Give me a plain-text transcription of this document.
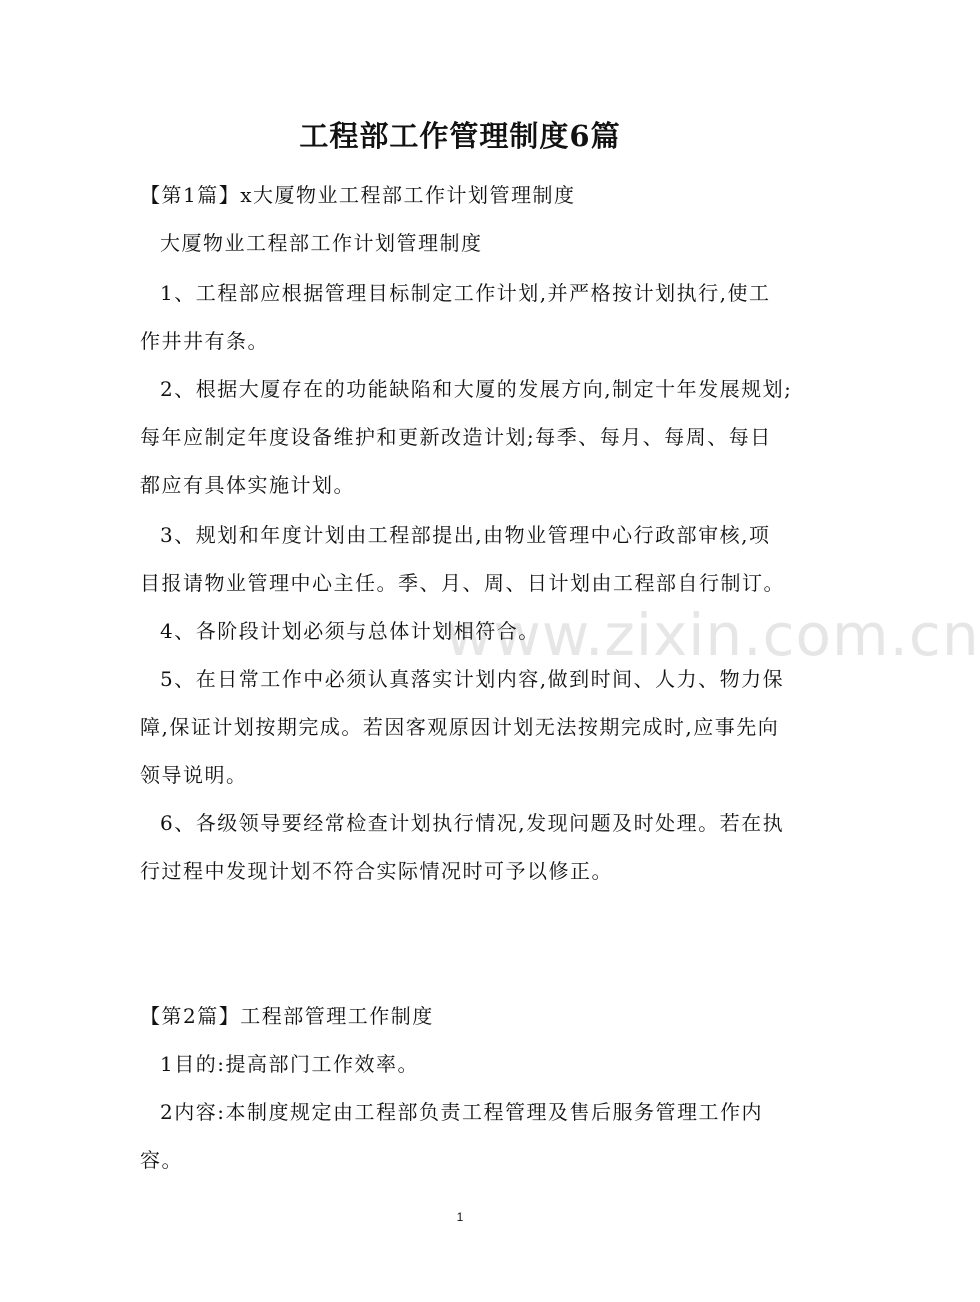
www.zixin.com.cn
工程部工作管理制度6篇
【第1篇】x大厦物业工程部工作计划管理制度
大厦物业工程部工作计划管理制度
1、工程部应根据管理目标制定工作计划,并严格按计划执行,使工
作井井有条。
2、根据大厦存在的功能缺陷和大厦的发展方向,制定十年发展规划;
每年应制定年度设备维护和更新改造计划;每季、每月、每周、每日
都应有具体实施计划。
3、规划和年度计划由工程部提出,由物业管理中心行政部审核,项
目报请物业管理中心主任。季、月、周、日计划由工程部自行制订。
4、各阶段计划必须与总体计划相符合。
5、在日常工作中必须认真落实计划内容,做到时间、人力、物力保
障,保证计划按期完成。若因客观原因计划无法按期完成时,应事先向
领导说明。
6、各级领导要经常检查计划执行情况,发现问题及时处理。若在执
行过程中发现计划不符合实际情况时可予以修正。
【第2篇】工程部管理工作制度
1目的:提高部门工作效率。
2内容:本制度规定由工程部负责工程管理及售后服务管理工作内
容。
1
